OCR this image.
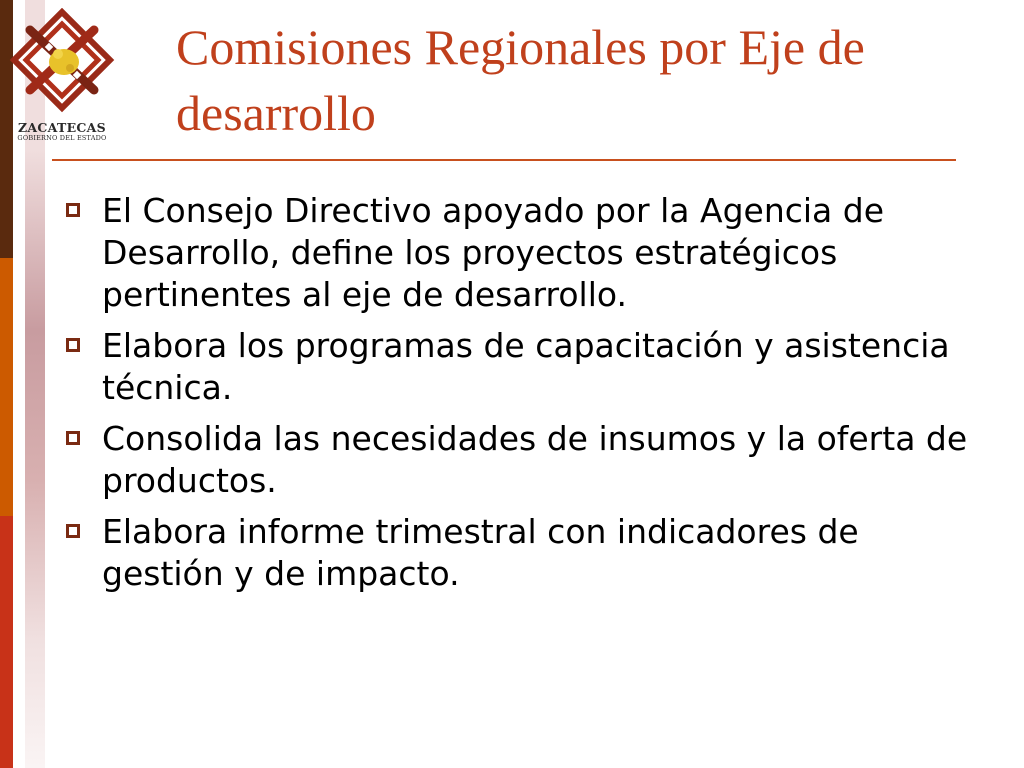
ZACATECAS
GOBIERNO DEL ESTADO
Comisiones Regionales por Eje de desarrollo
El Consejo Directivo apoyado por la Agencia de Desarrollo, define los proyectos estratégicos pertinentes al eje de desarrollo.
Elabora los programas de capacitación y asistencia técnica.
Consolida las necesidades de insumos y la oferta de productos.
Elabora informe trimestral con indicadores de gestión y de impacto.
